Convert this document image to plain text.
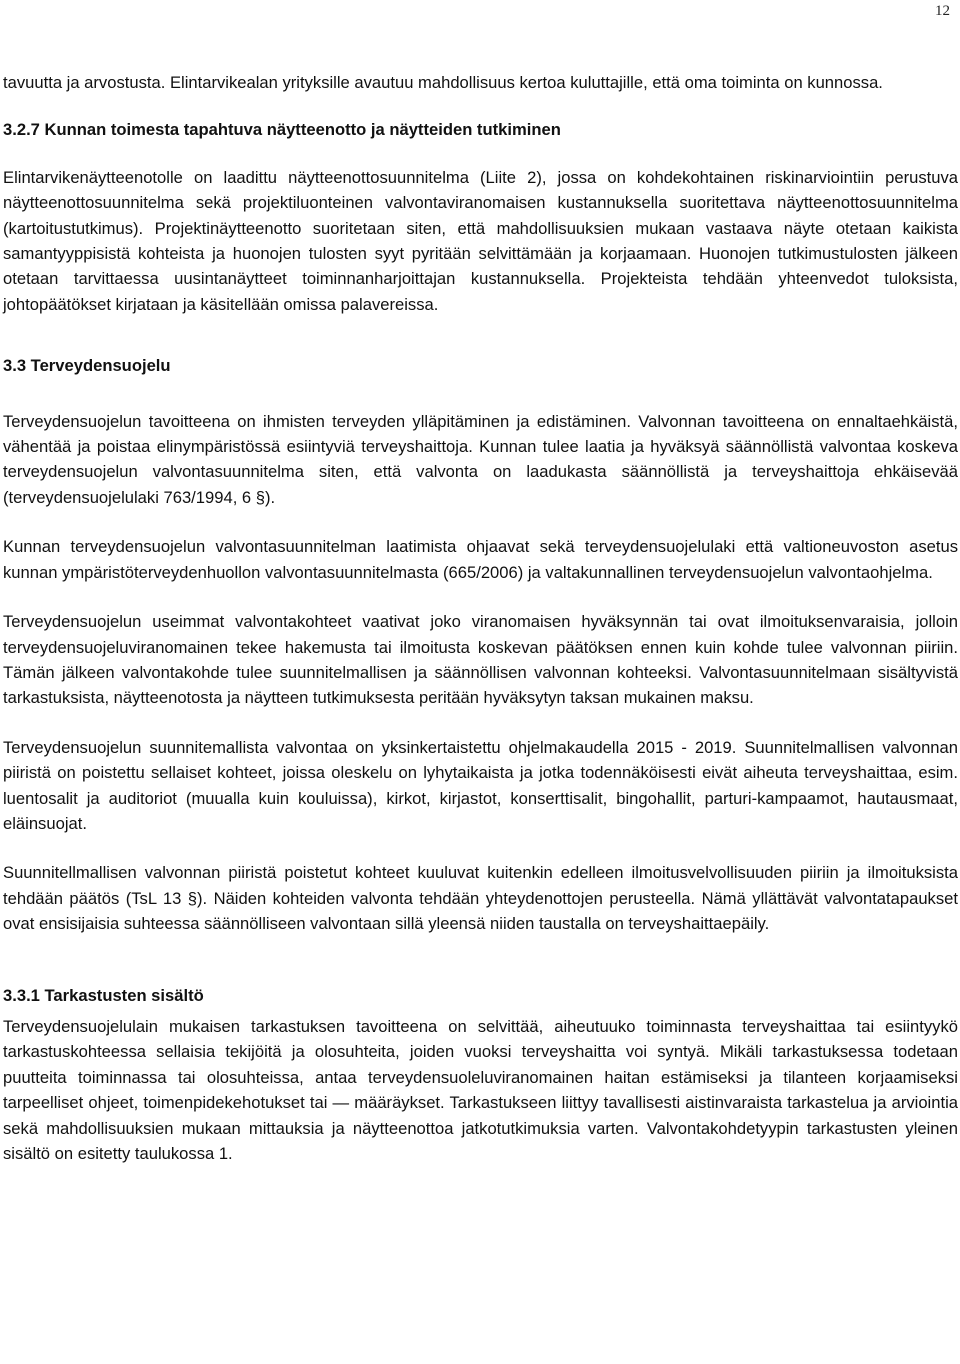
12

tavuutta ja arvostusta. Elintarvikealan yrityksille avautuu mahdollisuus kertoa kuluttajille, että oma toiminta on kunnossa.

3.2.7 Kunnan toimesta tapahtuva näytteenotto ja näytteiden tutkiminen

Elintarvikenäytteenotolle on laadittu näytteenottosuunnitelma (Liite 2), jossa on kohdekohtainen riskinarviointiin perustuva näytteenottosuunnitelma sekä projektiluonteinen valvontaviranomaisen kustannuksella suoritettava näytteenottosuunnitelma (kartoitustutkimus). Projektinäytteenotto suoritetaan siten, että mahdollisuuksien mukaan vastaava näyte otetaan kaikista samantyyppisistä kohteista ja huonojen tulosten syyt pyritään selvittämään ja korjaamaan. Huonojen tutkimustulosten jälkeen otetaan tarvittaessa uusintanäytteet toiminnanharjoittajan kustannuksella. Projekteista tehdään yhteenvedot tuloksista, johtopäätökset kirjataan ja käsitellään omissa palavereissa.

3.3 Terveydensuojelu

Terveydensuojelun tavoitteena on ihmisten terveyden ylläpitäminen ja edistäminen. Valvonnan tavoitteena on ennaltaehkäistä, vähentää ja poistaa elinympäristössä esiintyviä terveyshaittoja. Kunnan tulee laatia ja hyväksyä säännöllistä valvontaa koskeva terveydensuojelun valvontasuunnitelma siten, että valvonta on laadukasta säännöllistä ja terveyshaittoja ehkäisevää (terveydensuojelulaki 763/1994, 6 §).

Kunnan terveydensuojelun valvontasuunnitelman laatimista ohjaavat sekä terveydensuojelulaki että valtioneuvoston asetus kunnan ympäristöterveydenhuollon valvontasuunnitelmasta (665/2006) ja valtakunnallinen terveydensuojelun valvontaohjelma.

Terveydensuojelun useimmat valvontakohteet vaativat joko viranomaisen hyväksynnän tai ovat ilmoituksenvaraisia, jolloin terveydensuojeluviranomainen tekee hakemusta tai ilmoitusta koskevan päätöksen ennen kuin kohde tulee valvonnan piiriin. Tämän jälkeen valvontakohde tulee suunnitelmallisen ja säännöllisen valvonnan kohteeksi. Valvontasuunnitelmaan sisältyvistä tarkastuksista, näytteenotosta ja näytteen tutkimuksesta peritään hyväksytyn taksan mukainen maksu.

Terveydensuojelun suunnitemallista valvontaa on yksinkertaistettu ohjelmakaudella 2015 - 2019. Suunnitelmallisen valvonnan piiristä on poistettu sellaiset kohteet, joissa oleskelu on lyhytaikaista ja jotka todennäköisesti eivät aiheuta terveyshaittaa, esim. luentosalit ja auditoriot (muualla kuin kouluissa), kirkot, kirjastot, konserttisalit, bingohallit, parturi-kampaamot, hautausmaat, eläinsuojat.

Suunnitellmallisen valvonnan piiristä poistetut kohteet kuuluvat kuitenkin edelleen ilmoitusvelvollisuuden piiriin ja ilmoituksista tehdään päätös (TsL 13 §). Näiden kohteiden valvonta tehdään yhteydenottojen perusteella. Nämä yllättävät valvontatapaukset ovat ensisijaisia suhteessa säännölliseen valvontaan sillä yleensä niiden taustalla on terveyshaittaepäily.

3.3.1 Tarkastusten sisältö

Terveydensuojelulain mukaisen tarkastuksen tavoitteena on selvittää, aiheutuuko toiminnasta terveyshaittaa tai esiintyykö tarkastuskohteessa sellaisia tekijöitä ja olosuhteita, joiden vuoksi terveyshaitta voi syntyä. Mikäli tarkastuksessa todetaan puutteita toiminnassa tai olosuhteissa, antaa terveydensuoleluviranomainen haitan estämiseksi ja tilanteen korjaamiseksi tarpeelliset ohjeet, toimenpidekehotukset tai — määräykset. Tarkastukseen liittyy tavallisesti aistinvaraista tarkastelua ja arviointia sekä mahdollisuuksien mukaan mittauksia ja näytteenottoa jatkotutkimuksia varten. Valvontakohdetyypin tarkastusten yleinen sisältö on esitetty taulukossa 1.
